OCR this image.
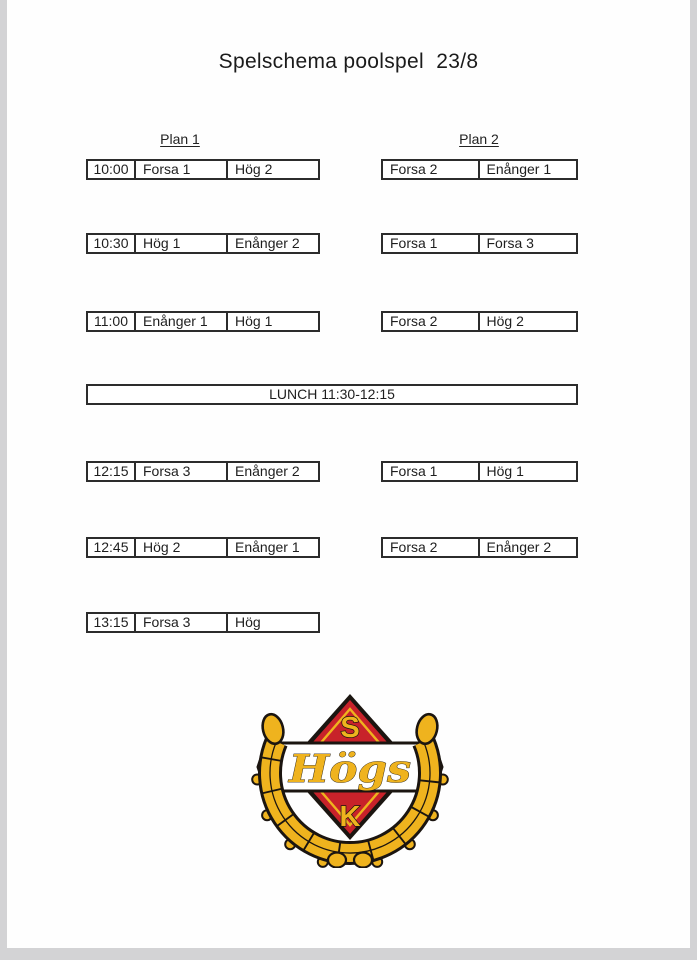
Spelschema poolspel  23/8
Plan 1	Plan 2
10:00	Forsa 1	Hög 2	Forsa 2	Enånger 1
10:30	Hög 1	Enånger 2	Forsa 1	Forsa 3
11:00	Enånger 1	Hög 1	Forsa 2	Hög 2
LUNCH 11:30-12:15
12:15	Forsa 3	Enånger 2	Forsa 1	Hög 1
12:45	Hög 2	Enånger 1	Forsa 2	Enånger 2
13:15	Forsa 3	Hög
S
Högs
K
